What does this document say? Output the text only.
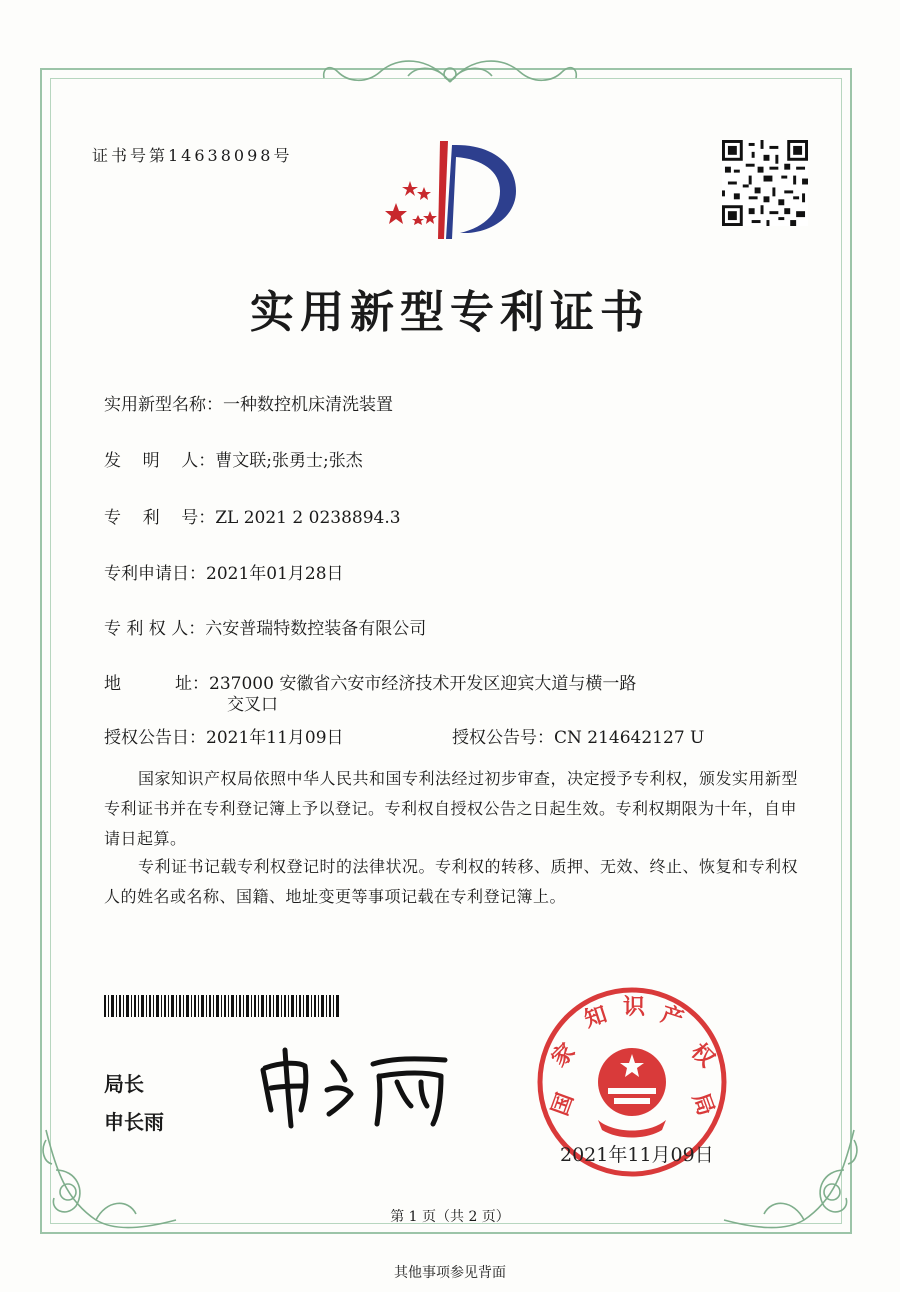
证书号第14638098号
实用新型专利证书
实用新型名称：一种数控机床清洗装置
发    明    人：曹文联;张勇士;张杰
专    利    号：ZL 2021 2 0238894.3
专利申请日：2021年01月28日
专 利 权 人：六安普瑞特数控装备有限公司
地          址：237000 安徽省六安市经济技术开发区迎宾大道与横一路
交叉口
授权公告日：2021年11月09日	授权公告号：CN 214642127 U
国家知识产权局依照中华人民共和国专利法经过初步审查，决定授予专利权，颁发实用新型专利证书并在专利登记簿上予以登记。专利权自授权公告之日起生效。专利权期限为十年，自申请日起算。
专利证书记载专利权登记时的法律状况。专利权的转移、质押、无效、终止、恢复和专利权人的姓名或名称、国籍、地址变更等事项记载在专利登记簿上。
局长
申长雨
国
家
知 识 产
权
局
2021年11月09日
第 1 页（共 2 页）
其他事项参见背面
